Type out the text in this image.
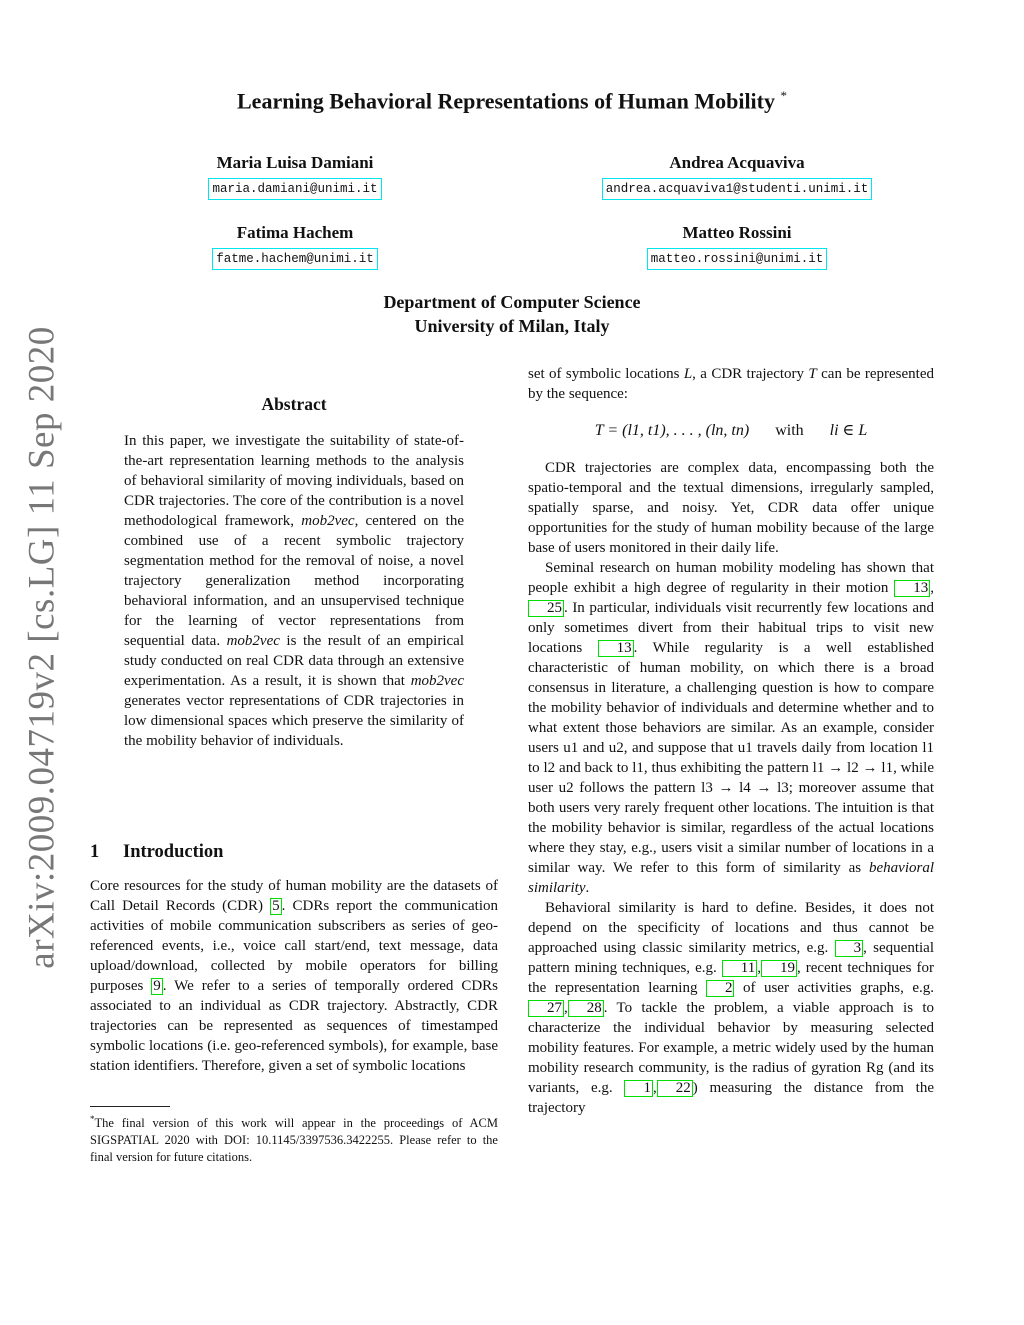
arXiv:2009.04719v2 [cs.LG] 11 Sep 2020
Learning Behavioral Representations of Human Mobility *
Maria Luisa Damiani
maria.damiani@unimi.it
Andrea Acquaviva
andrea.acquaviva1@studenti.unimi.it
Fatima Hachem
fatme.hachem@unimi.it
Matteo Rossini
matteo.rossini@unimi.it
Department of Computer Science
University of Milan, Italy
Abstract
In this paper, we investigate the suitability of state-of-the-art representation learning methods to the analysis of behavioral similarity of moving individuals, based on CDR trajectories. The core of the contribution is a novel methodological framework, mob2vec, centered on the combined use of a recent symbolic trajectory segmentation method for the removal of noise, a novel trajectory generalization method incorporating behavioral information, and an unsupervised technique for the learning of vector representations from sequential data. mob2vec is the result of an empirical study conducted on real CDR data through an extensive experimentation. As a result, it is shown that mob2vec generates vector representations of CDR trajectories in low dimensional spaces which preserve the similarity of the mobility behavior of individuals.
1 Introduction

Core resources for the study of human mobility are the datasets of Call Detail Records (CDR) 5 . CDRs report the communication activities of mobile communication subscribers as series of geo-referenced events, i.e., voice call start/end, text message, data upload/download, collected by mobile operators for billing purposes 9 . We refer to a series of temporally ordered CDRs associated to an individual as CDR trajectory. Abstractly, CDR trajectories can be represented as sequences of timestamped symbolic locations (i.e. geo-referenced symbols), for example, base station identifiers. Therefore, given a set of symbolic locations

*The final version of this work will appear in the proceedings of ACM SIGSPATIAL 2020 with DOI: 10.1145/3397536.3422255. Please refer to the final version for future citations.

set of symbolic locations L, a CDR trajectory T can be represented by the sequence:

T = (l1, t1), . . . , (ln, tn) with li ∈ L

CDR trajectories are complex data, encompassing both the spatio-temporal and the textual dimensions, irregularly sampled, spatially sparse, and noisy. Yet, CDR data offer unique opportunities for the study of human mobility because of the large base of users monitored in their daily life.

Seminal research on human mobility modeling has shown that people exhibit a high degree of regularity in their motion 13 ,25 . In particular, individuals visit recurrently few locations and only sometimes divert from their habitual trips to visit new locations 13 . While regularity is a well established characteristic of human mobility, on which there is a broad consensus in literature, a challenging question is how to compare the mobility behavior of individuals and determine whether and to what extent those behaviors are similar. As an example, consider users u1 and u2, and suppose that u1 travels daily from location l1 to l2 and back to l1, thus exhibiting the pattern l1 → l2 → l1, while user u2 follows the pattern l3 → l4 → l3; moreover assume that both users very rarely frequent other locations. The intuition is that the mobility behavior is similar, regardless of the actual locations where they stay, e.g., users visit a similar number of locations in a similar way. We refer to this form of similarity as behavioral similarity.

Behavioral similarity is hard to define. Besides, it does not depend on the specificity of locations and thus cannot be approached using classic similarity metrics, e.g. 3 , sequential pattern mining techniques, e.g. 11 , 19 , recent techniques for the representation learning 2 of user activities graphs, e.g. 27 , 28 . To tackle the problem, a viable approach is to characterize the individual behavior by measuring selected mobility features. For example, a metric widely used by the human mobility research community, is the radius of gyration Rg (and its variants, e.g. 1 , 22 ) measuring the distance from the trajectory
